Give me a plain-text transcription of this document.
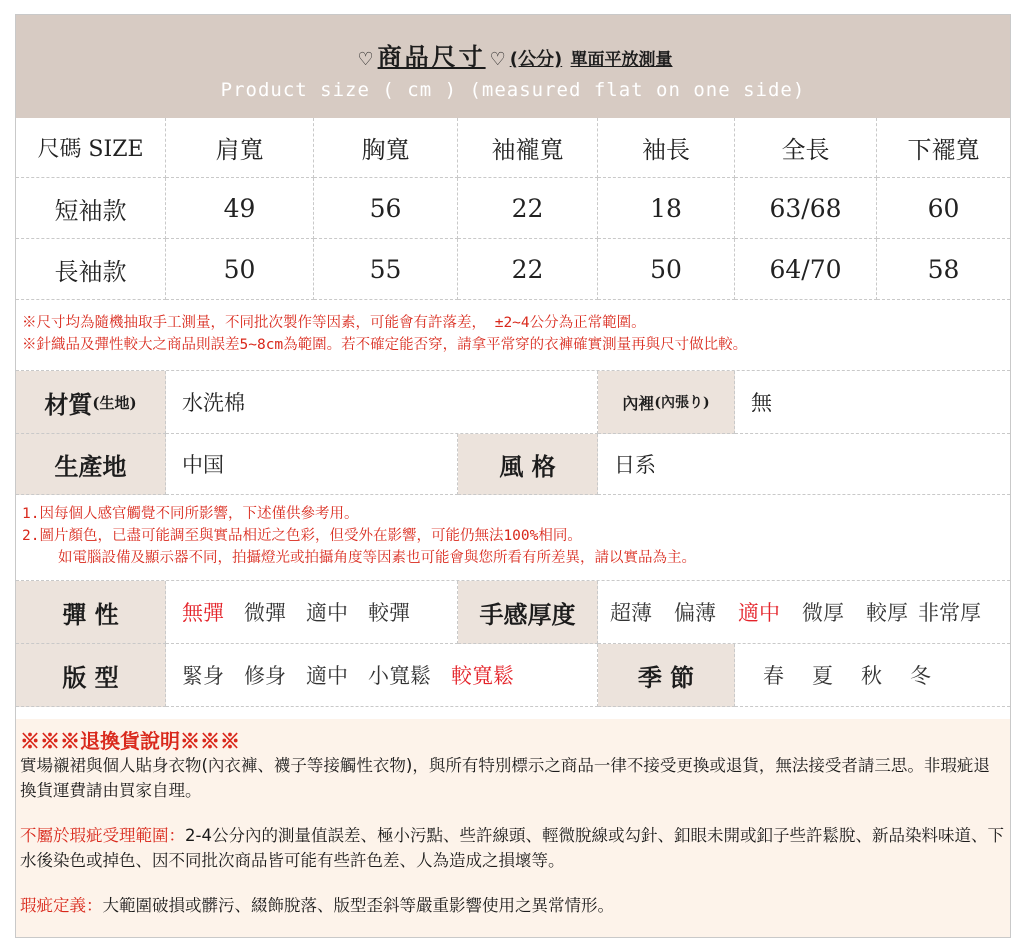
♡ 商品尺寸 ♡ (公分) 單面平放測量
Product size ( cm ) (measured flat on one side)
尺碼 SIZE	肩寬	胸寬	袖襱寬	袖長	全長	下襬寬
短袖款	49	56	22	18	63/68	60
長袖款	50	55	22	50	64/70	58
※尺寸均為隨機抽取手工測量，不同批次製作等因素，可能會有許落差， ±2~4公分為正常範圍。
※針織品及彈性較大之商品則誤差5~8cm為範圍。若不確定能否穿，請拿平常穿的衣褲確實測量再與尺寸做比較。
材質 (生地)	水洗棉	內裡 (內張り)	無
生產地	中国	風 格	日系
1.因每個人感官觸覺不同所影響，下述僅供參考用。
2.圖片顏色，已盡可能調至與實品相近之色彩，但受外在影響，可能仍無法100%相同。
如電腦設備及顯示器不同，拍攝燈光或拍攝角度等因素也可能會與您所看有所差異，請以實品為主。
彈 性	無彈 微彈 適中 較彈	手感厚度	超薄 偏薄 適中 微厚 較厚 非常厚
版 型	緊身 修身 適中 小寬鬆 較寬鬆	季 節	春 夏 秋 冬
※※※退換貨說明※※※

實場襯裙與個人貼身衣物(內衣褲、襪子等接觸性衣物)，與所有特別標示之商品一律不接受更換或退貨，無法接受者請三思。非瑕疵退換貨運費請由買家自理。

不屬於瑕疵受理範圍：2-4公分內的測量值誤差、極小污點、些許線頭、輕微脫線或勾針、釦眼未開或釦子些許鬆脫、新品染料味道、下水後染色或掉色、因不同批次商品皆可能有些許色差、人為造成之損壞等。

瑕疵定義：大範圍破損或髒污、綴飾脫落、版型歪斜等嚴重影響使用之異常情形。
